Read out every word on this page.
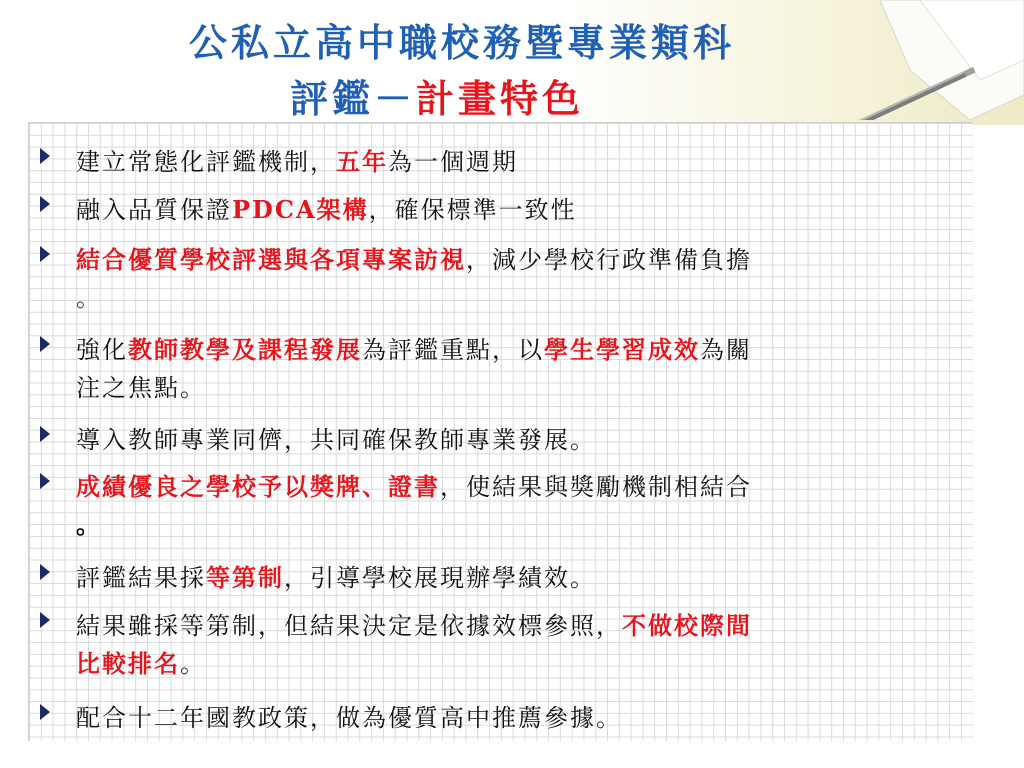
公私立高中職校務暨專業類科
評鑑－計畫特色
建立常態化評鑑機制，五年為一個週期
融入品質保證PDCA架構，確保標準一致性
結合優質學校評選與各項專案訪視，減少學校行政準備負擔
。
強化教師教學及課程發展為評鑑重點，以學生學習成效為關
注之焦點。
導入教師專業同儕，共同確保教師專業發展。
成績優良之學校予以獎牌、證書，使結果與獎勵機制相結合
。
評鑑結果採等第制，引導學校展現辦學績效。
結果雖採等第制，但結果決定是依據效標參照，不做校際間
比較排名。
配合十二年國教政策，做為優質高中推薦參據。
